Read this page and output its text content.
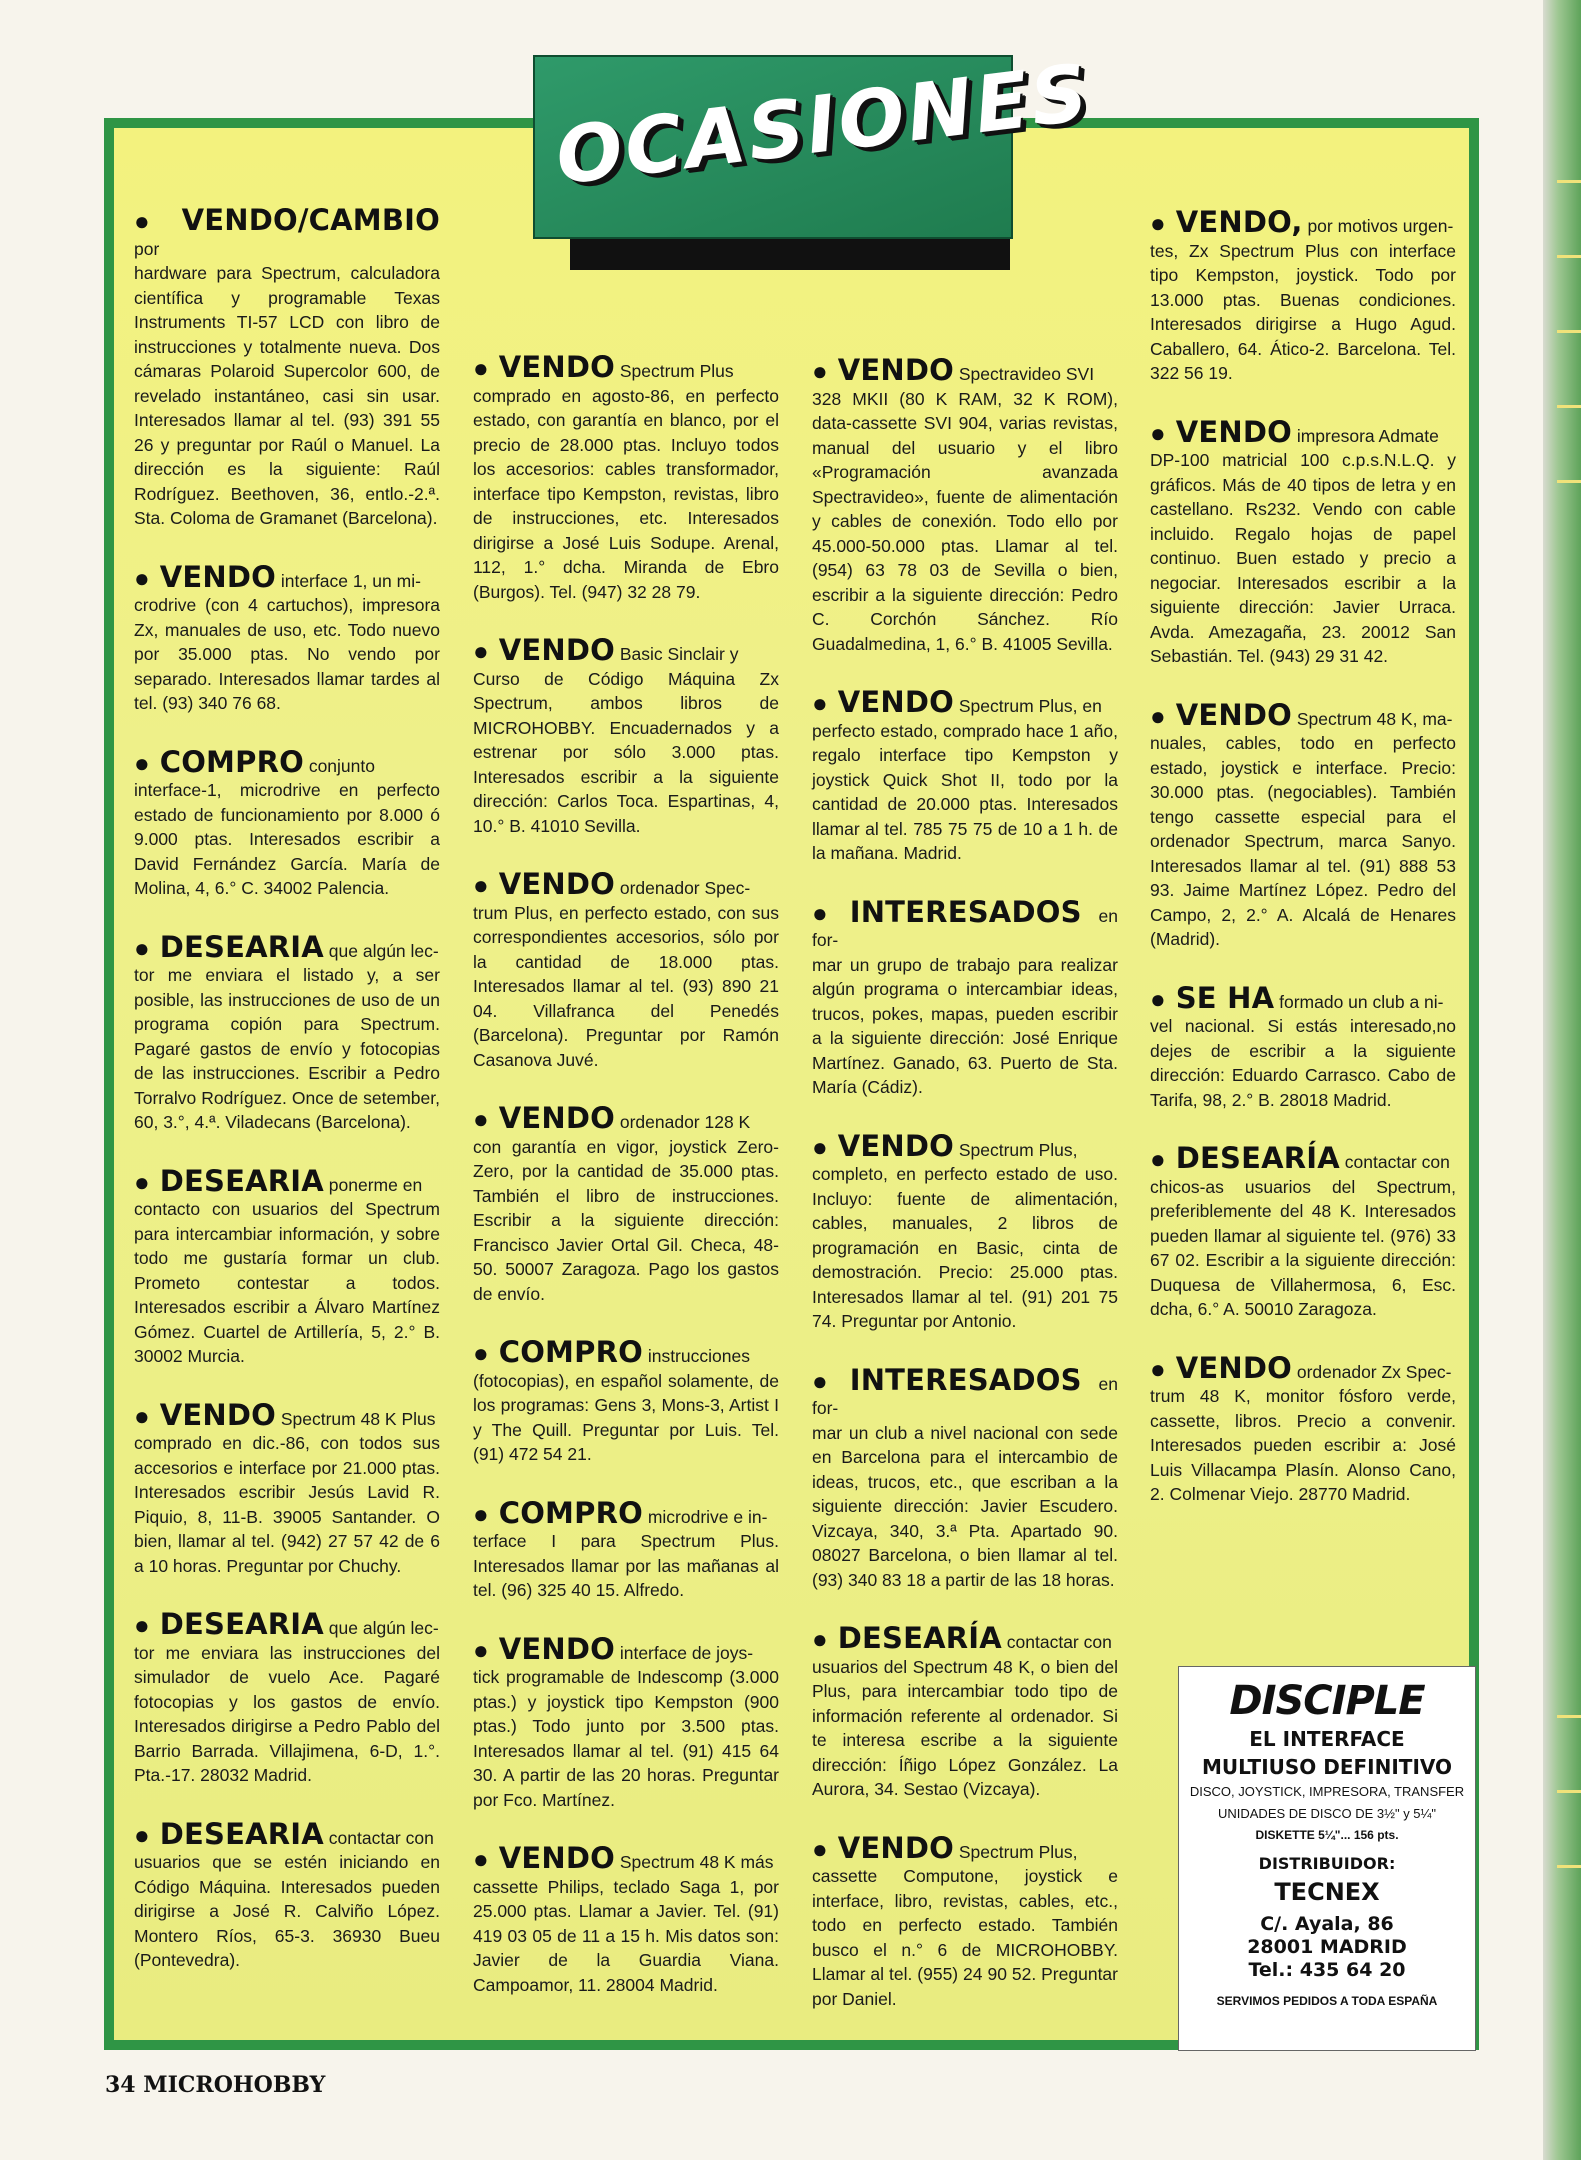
OCASIONES
● VENDO/CAMBIO por
hardware para Spectrum, calculadora científica y programable Texas Instruments TI-57 LCD con libro de instrucciones y totalmente nueva. Dos cámaras Polaroid Supercolor 600, de revelado instantáneo, casi sin usar. Interesados llamar al tel. (93) 391 55 26 y preguntar por Raúl o Manuel. La dirección es la siguiente: Raúl Rodríguez. Beethoven, 36, entlo.-2.ª. Sta. Coloma de Gramanet (Barcelona).
● VENDO interface 1, un mi-
crodrive (con 4 cartuchos), impresora Zx, manuales de uso, etc. Todo nuevo por 35.000 ptas. No vendo por separado. Interesados llamar tardes al tel. (93) 340 76 68.
● COMPRO conjunto
interface-1, microdrive en perfecto estado de funcionamiento por 8.000 ó 9.000 ptas. Interesados escribir a David Fernández García. María de Molina, 4, 6.° C. 34002 Palencia.
● DESEARIA que algún lec-
tor me enviara el listado y, a ser posible, las instrucciones de uso de un programa copión para Spectrum. Pagaré gastos de envío y fotocopias de las instrucciones. Escribir a Pedro Torralvo Rodríguez. Once de setember, 60, 3.°, 4.ª. Viladecans (Barcelona).
● DESEARIA ponerme en
contacto con usuarios del Spectrum para intercambiar información, y sobre todo me gustaría formar un club. Prometo contestar a todos. Interesados escribir a Álvaro Martínez Gómez. Cuartel de Artillería, 5, 2.° B. 30002 Murcia.
● VENDO Spectrum 48 K Plus
comprado en dic.-86, con todos sus accesorios e interface por 21.000 ptas. Interesados escribir Jesús Lavid R. Piquio, 8, 11-B. 39005 Santander. O bien, llamar al tel. (942) 27 57 42 de 6 a 10 horas. Preguntar por Chuchy.
● DESEARIA que algún lec-
tor me enviara las instrucciones del simulador de vuelo Ace. Pagaré fotocopias y los gastos de envío. Interesados dirigirse a Pedro Pablo del Barrio Barrada. Villajimena, 6-D, 1.°. Pta.-17. 28032 Madrid.
● DESEARIA contactar con
usuarios que se estén iniciando en Código Máquina. Interesados pueden dirigirse a José R. Calviño López. Montero Ríos, 65-3. 36930 Bueu (Pontevedra).
● VENDO Spectrum Plus
comprado en agosto-86, en perfecto estado, con garantía en blanco, por el precio de 28.000 ptas. Incluyo todos los accesorios: cables transformador, interface tipo Kempston, revistas, libro de instrucciones, etc. Interesados dirigirse a José Luis Sodupe. Arenal, 112, 1.° dcha. Miranda de Ebro (Burgos). Tel. (947) 32 28 79.
● VENDO Basic Sinclair y
Curso de Código Máquina Zx Spectrum, ambos libros de MICROHOBBY. Encuadernados y a estrenar por sólo 3.000 ptas. Interesados escribir a la siguiente dirección: Carlos Toca. Espartinas, 4, 10.° B. 41010 Sevilla.
● VENDO ordenador Spec-
trum Plus, en perfecto estado, con sus correspondientes accesorios, sólo por la cantidad de 18.000 ptas. Interesados llamar al tel. (93) 890 21 04. Villafranca del Penedés (Barcelona). Preguntar por Ramón Casanova Juvé.
● VENDO ordenador 128 K
con garantía en vigor, joystick Zero-Zero, por la cantidad de 35.000 ptas. También el libro de instrucciones. Escribir a la siguiente dirección: Francisco Javier Ortal Gil. Checa, 48-50. 50007 Zaragoza. Pago los gastos de envío.
● COMPRO instrucciones
(fotocopias), en español solamente, de los programas: Gens 3, Mons-3, Artist I y The Quill. Preguntar por Luis. Tel. (91) 472 54 21.
● COMPRO microdrive e in-
terface I para Spectrum Plus. Interesados llamar por las mañanas al tel. (96) 325 40 15. Alfredo.
● VENDO interface de joys-
tick programable de Indescomp (3.000 ptas.) y joystick tipo Kempston (900 ptas.) Todo junto por 3.500 ptas. Interesados llamar al tel. (91) 415 64 30. A partir de las 20 horas. Preguntar por Fco. Martínez.
● VENDO Spectrum 48 K más
cassette Philips, teclado Saga 1, por 25.000 ptas. Llamar a Javier. Tel. (91) 419 03 05 de 11 a 15 h. Mis datos son: Javier de la Guardia Viana. Campoamor, 11. 28004 Madrid.
● VENDO Spectravideo SVI
328 MKII (80 K RAM, 32 K ROM), data-cassette SVI 904, varias revistas, manual del usuario y el libro «Programación avanzada Spectravideo», fuente de alimentación y cables de conexión. Todo ello por 45.000-50.000 ptas. Llamar al tel. (954) 63 78 03 de Sevilla o bien, escribir a la siguiente dirección: Pedro C. Corchón Sánchez. Río Guadalmedina, 1, 6.° B. 41005 Sevilla.
● VENDO Spectrum Plus, en
perfecto estado, comprado hace 1 año, regalo interface tipo Kempston y joystick Quick Shot II, todo por la cantidad de 20.000 ptas. Interesados llamar al tel. 785 75 75 de 10 a 1 h. de la mañana. Madrid.
● INTERESADOS en for-
mar un grupo de trabajo para realizar algún programa o intercambiar ideas, trucos, pokes, mapas, pueden escribir a la siguiente dirección: José Enrique Martínez. Ganado, 63. Puerto de Sta. María (Cádiz).
● VENDO Spectrum Plus,
completo, en perfecto estado de uso. Incluyo: fuente de alimentación, cables, manuales, 2 libros de programación en Basic, cinta de demostración. Precio: 25.000 ptas. Interesados llamar al tel. (91) 201 75 74. Preguntar por Antonio.
● INTERESADOS en for-
mar un club a nivel nacional con sede en Barcelona para el intercambio de ideas, trucos, etc., que escriban a la siguiente dirección: Javier Escudero. Vizcaya, 340, 3.ª Pta. Apartado 90. 08027 Barcelona, o bien llamar al tel. (93) 340 83 18 a partir de las 18 horas.
● DESEARÍA contactar con
usuarios del Spectrum 48 K, o bien del Plus, para intercambiar todo tipo de información referente al ordenador. Si te interesa escribe a la siguiente dirección: Íñigo López González. La Aurora, 34. Sestao (Vizcaya).
● VENDO Spectrum Plus,
cassette Computone, joystick e interface, libro, revistas, cables, etc., todo en perfecto estado. También busco el n.° 6 de MICROHOBBY. Llamar al tel. (955) 24 90 52. Preguntar por Daniel.
● VENDO, por motivos urgen-
tes, Zx Spectrum Plus con interface tipo Kempston, joystick. Todo por 13.000 ptas. Buenas condiciones. Interesados dirigirse a Hugo Agud. Caballero, 64. Ático-2. Barcelona. Tel. 322 56 19.
● VENDO impresora Admate
DP-100 matricial 100 c.p.s.N.L.Q. y gráficos. Más de 40 tipos de letra y en castellano. Rs232. Vendo con cable incluido. Regalo hojas de papel continuo. Buen estado y precio a negociar. Interesados escribir a la siguiente dirección: Javier Urraca. Avda. Amezagaña, 23. 20012 San Sebastián. Tel. (943) 29 31 42.
● VENDO Spectrum 48 K, ma-
nuales, cables, todo en perfecto estado, joystick e interface. Precio: 30.000 ptas. (negociables). También tengo cassette especial para el ordenador Spectrum, marca Sanyo. Interesados llamar al tel. (91) 888 53 93. Jaime Martínez López. Pedro del Campo, 2, 2.° A. Alcalá de Henares (Madrid).
● SE HA formado un club a ni-
vel nacional. Si estás interesado,no dejes de escribir a la siguiente dirección: Eduardo Carrasco. Cabo de Tarifa, 98, 2.° B. 28018 Madrid.
● DESEARÍA contactar con
chicos-as usuarios del Spectrum, preferiblemente del 48 K. Interesados pueden llamar al siguiente tel. (976) 33 67 02. Escribir a la siguiente dirección: Duquesa de Villahermosa, 6, Esc. dcha, 6.° A. 50010 Zaragoza.
● VENDO ordenador Zx Spec-
trum 48 K, monitor fósforo verde, cassette, libros. Precio a convenir. Interesados pueden escribir a: José Luis Villacampa Plasín. Alonso Cano, 2. Colmenar Viejo. 28770 Madrid.
DISCIPLE
EL INTERFACE
MULTIUSO DEFINITIVO
DISCO, JOYSTICK, IMPRESORA, TRANSFER
UNIDADES DE DISCO DE 3½" y 5¼"
DISKETTE 5¼"... 156 pts.
DISTRIBUIDOR:
TECNEX
C/. Ayala, 86
28001 MADRID
Tel.: 435 64 20
SERVIMOS PEDIDOS A TODA ESPAÑA
34 MICROHOBBY
